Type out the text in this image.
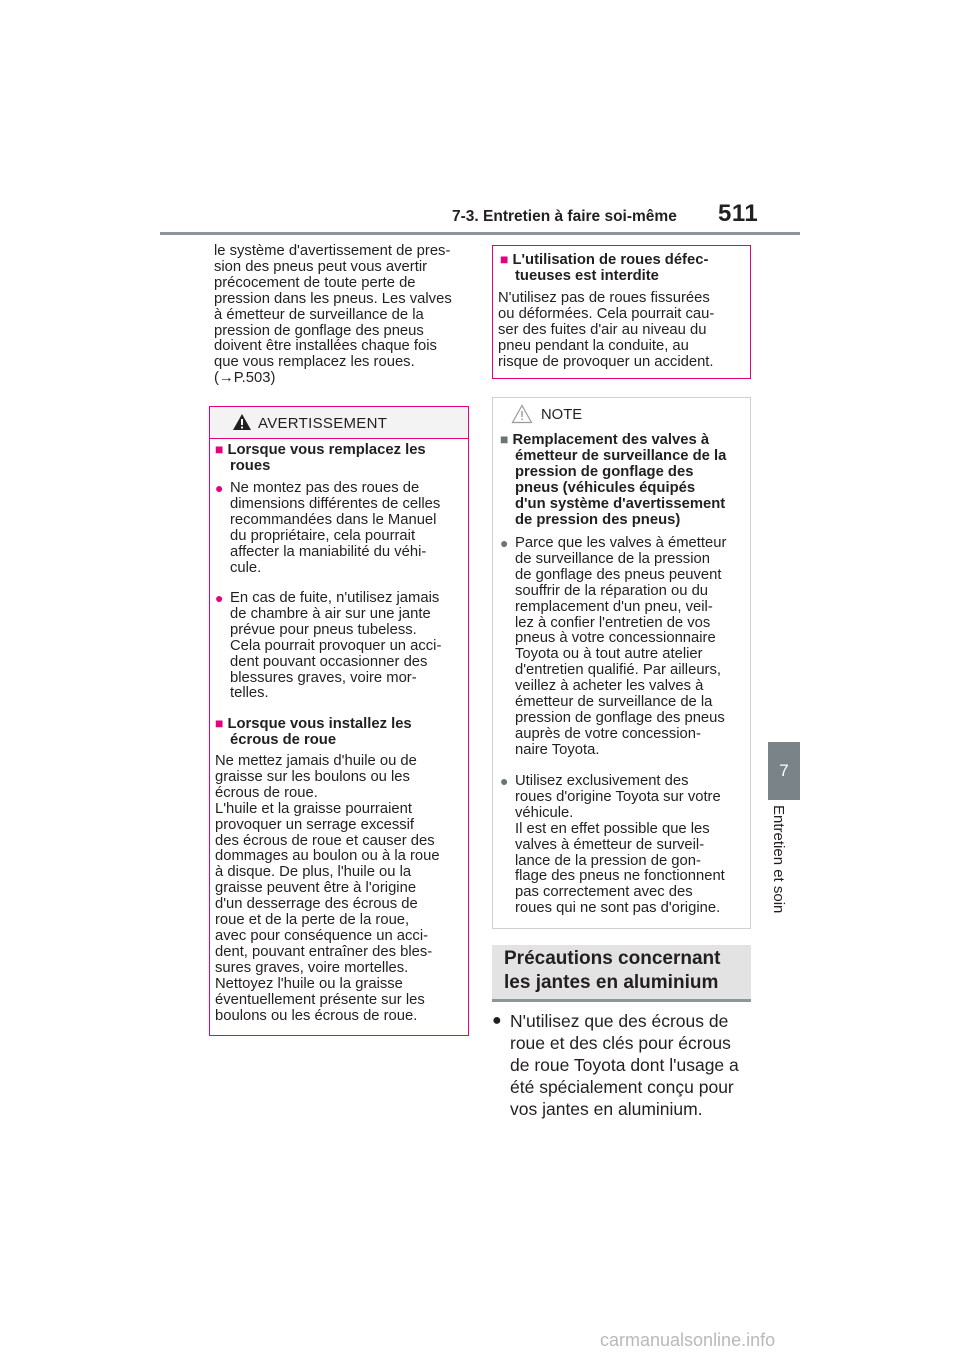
7-3. Entretien à faire soi-même 511
7
Entretien et soin
le système d'avertissement de pres-
sion des pneus peut vous avertir
précocement de toute perte de
pression dans les pneus. Les valves
à émetteur de surveillance de la
pression de gonflage des pneus
doivent être installées chaque fois
que vous remplacez les roues.
(→P.503)
AVERTISSEMENT
■ Lorsque vous remplacez les
roues
● Ne montez pas des roues de
dimensions différentes de celles
recommandées dans le Manuel
du propriétaire, cela pourrait
affecter la maniabilité du véhi-
cule.
● En cas de fuite, n'utilisez jamais
de chambre à air sur une jante
prévue pour pneus tubeless.
Cela pourrait provoquer un acci-
dent pouvant occasionner des
blessures graves, voire mor-
telles.
■ Lorsque vous installez les
écrous de roue
Ne mettez jamais d'huile ou de
graisse sur les boulons ou les
écrous de roue.
L'huile et la graisse pourraient
provoquer un serrage excessif
des écrous de roue et causer des
dommages au boulon ou à la roue
à disque. De plus, l'huile ou la
graisse peuvent être à l'origine
d'un desserrage des écrous de
roue et de la perte de la roue,
avec pour conséquence un acci-
dent, pouvant entraîner des bles-
sures graves, voire mortelles.
Nettoyez l'huile ou la graisse
éventuellement présente sur les
boulons ou les écrous de roue.
■ L'utilisation de roues défec-
tueuses est interdite
N'utilisez pas de roues fissurées
ou déformées. Cela pourrait cau-
ser des fuites d'air au niveau du
pneu pendant la conduite, au
risque de provoquer un accident.
NOTE
■ Remplacement des valves à
émetteur de surveillance de la
pression de gonflage des
pneus (véhicules équipés
d'un système d'avertissement
de pression des pneus)
● Parce que les valves à émetteur
de surveillance de la pression
de gonflage des pneus peuvent
souffrir de la réparation ou du
remplacement d'un pneu, veil-
lez à confier l'entretien de vos
pneus à votre concessionnaire
Toyota ou à tout autre atelier
d'entretien qualifié. Par ailleurs,
veillez à acheter les valves à
émetteur de surveillance de la
pression de gonflage des pneus
auprès de votre concession-
naire Toyota.
● Utilisez exclusivement des
roues d'origine Toyota sur votre
véhicule.
Il est en effet possible que les
valves à émetteur de surveil-
lance de la pression de gon-
flage des pneus ne fonctionnent
pas correctement avec des
roues qui ne sont pas d'origine.
Précautions concernant
les jantes en aluminium
● N'utilisez que des écrous de
roue et des clés pour écrous
de roue Toyota dont l'usage a
été spécialement conçu pour
vos jantes en aluminium.
carmanualsonline.info
